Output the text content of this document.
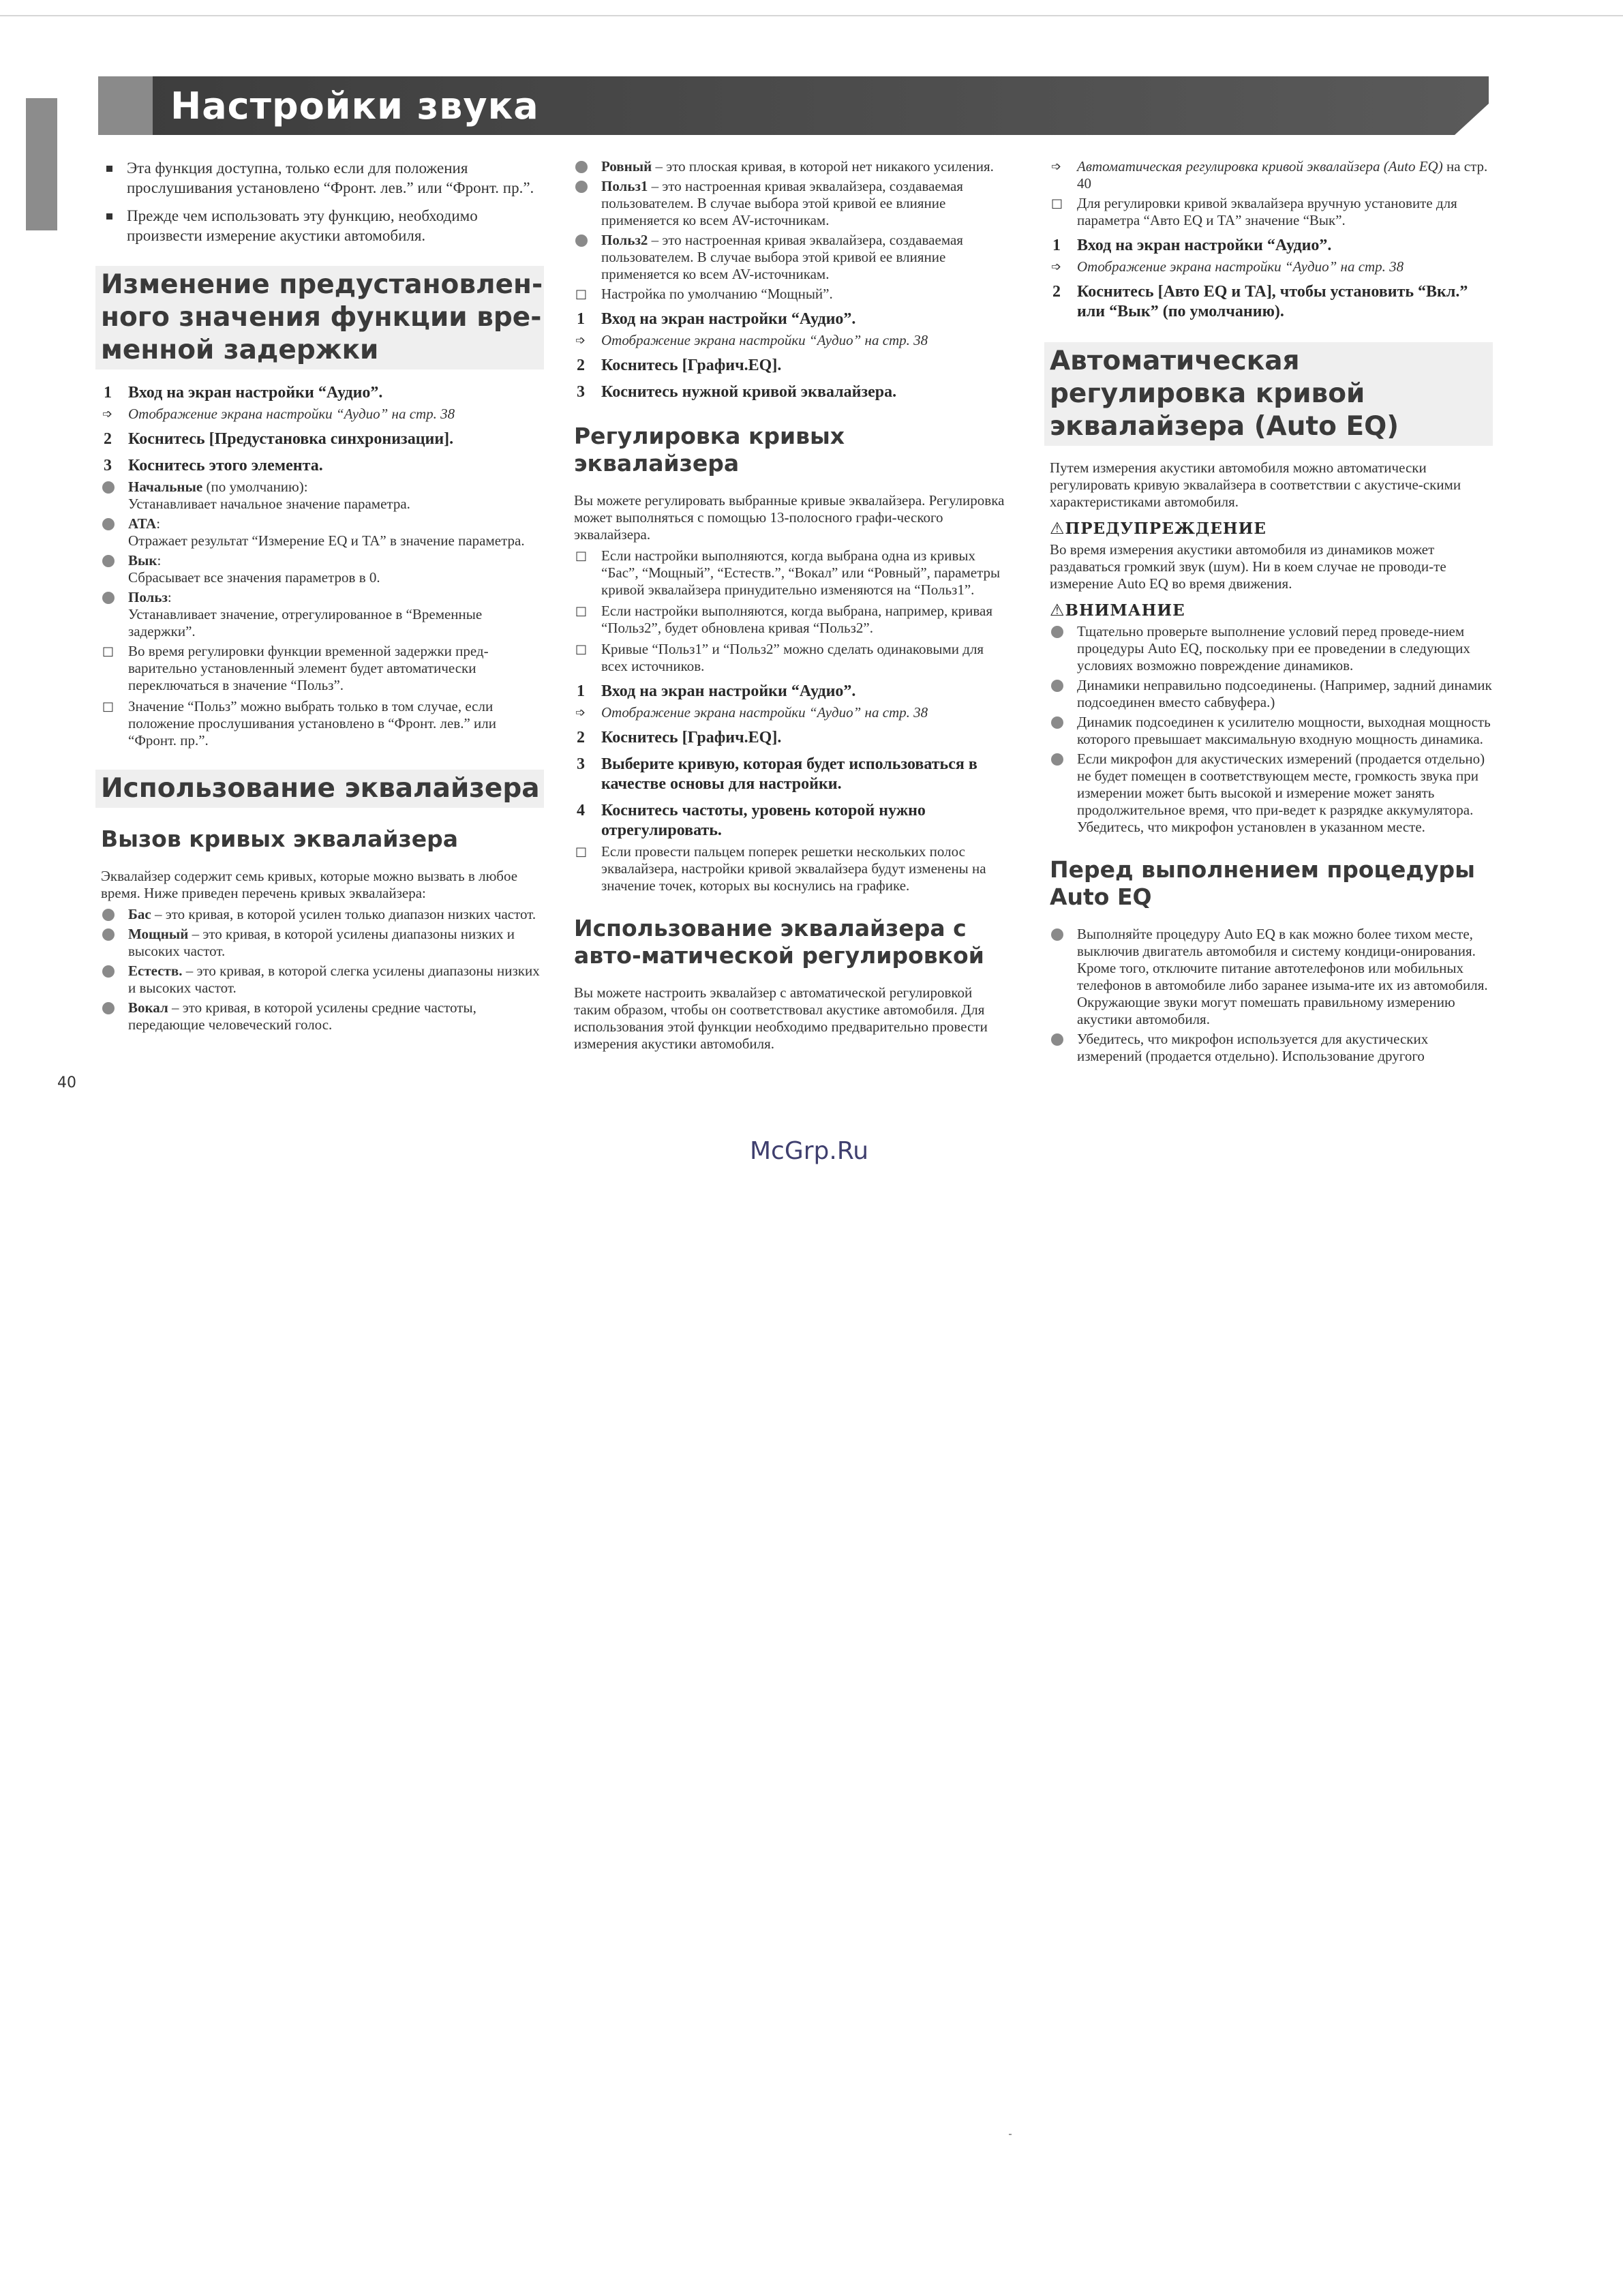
Настройки звука
Эта функция доступна, только если для положения прослушивания установлено “Фронт. лев.” или “Фронт. пр.”.
Прежде чем использовать эту функцию, необходимо произвести измерение акустики автомобиля.
Изменение предустановлен-ного значения функции вре-менной задержки
1 Вход на экран настройки “Аудио”.
➩ Отображение экрана настройки “Аудио” на стр. 38
2 Коснитесь [Предустановка синхронизации].
3 Коснитесь этого элемента.
Начальные (по умолчанию):
Устанавливает начальное значение параметра.
ATA:
Отражает результат “Измерение EQ и TA” в значение параметра.
Вык:
Сбрасывает все значения параметров в 0.
Польз:
Устанавливает значение, отрегулированное в “Временные задержки”.
□ Во время регулировки функции временной задержки пред-варительно установленный элемент будет автоматически переключаться в значение “Польз”.
□ Значение “Польз” можно выбрать только в том случае, если положение прослушивания установлено в “Фронт. лев.” или “Фронт. пр.”.
Использование эквалайзера
Вызов кривых эквалайзера
Эквалайзер содержит семь кривых, которые можно вызвать в любое время. Ниже приведен перечень кривых эквалайзера:
Бас – это кривая, в которой усилен только диапазон низких частот.
Мощный – это кривая, в которой усилены диапазоны низких и высоких частот.
Естеств. – это кривая, в которой слегка усилены диапазоны низких и высоких частот.
Вокал – это кривая, в которой усилены средние частоты, передающие человеческий голос.
Ровный – это плоская кривая, в которой нет никакого усиления.
Польз1 – это настроенная кривая эквалайзера, создаваемая пользователем. В случае выбора этой кривой ее влияние применяется ко всем AV-источникам.
Польз2 – это настроенная кривая эквалайзера, создаваемая пользователем. В случае выбора этой кривой ее влияние применяется ко всем AV-источникам.
□ Настройка по умолчанию “Мощный”.
1 Вход на экран настройки “Аудио”.
➩ Отображение экрана настройки “Аудио” на стр. 38
2 Коснитесь [Графич.EQ].
3 Коснитесь нужной кривой эквалайзера.
Регулировка кривых эквалайзера
Вы можете регулировать выбранные кривые эквалайзера. Регулировка может выполняться с помощью 13-полосного графи-ческого эквалайзера.
□ Если настройки выполняются, когда выбрана одна из кривых “Бас”, “Мощный”, “Естеств.”, “Вокал” или “Ровный”, параметры кривой эквалайзера принудительно изменяются на “Польз1”.
□ Если настройки выполняются, когда выбрана, например, кривая “Польз2”, будет обновлена кривая “Польз2”.
□ Кривые “Польз1” и “Польз2” можно сделать одинаковыми для всех источников.
1 Вход на экран настройки “Аудио”.
➩ Отображение экрана настройки “Аудио” на стр. 38
2 Коснитесь [Графич.EQ].
3 Выберите кривую, которая будет использоваться в качестве основы для настройки.
4 Коснитесь частоты, уровень которой нужно отрегулировать.
□ Если провести пальцем поперек решетки нескольких полос эквалайзера, настройки кривой эквалайзера будут изменены на значение точек, которых вы коснулись на графике.
Использование эквалайзера с авто-матической регулировкой
Вы можете настроить эквалайзер с автоматической регулировкой таким образом, чтобы он соответствовал акустике автомобиля. Для использования этой функции необходимо предварительно провести измерения акустики автомобиля.
➩ Автоматическая регулировка кривой эквалайзера (Auto EQ) на стр. 40
□ Для регулировки кривой эквалайзера вручную установите для параметра “Авто EQ и TA” значение “Вык”.
1 Вход на экран настройки “Аудио”.
➩ Отображение экрана настройки “Аудио” на стр. 38
2 Коснитесь [Авто EQ и TA], чтобы установить “Вкл.” или “Вык” (по умолчанию).
Автоматическая регулировка кривой эквалайзера (Auto EQ)
Путем измерения акустики автомобиля можно автоматически регулировать кривую эквалайзера в соответствии с акустиче-скими характеристиками автомобиля.
⚠ПРЕДУПРЕЖДЕНИЕ
Во время измерения акустики автомобиля из динамиков может раздаваться громкий звук (шум). Ни в коем случае не проводи-те измерение Auto EQ во время движения.
⚠ВНИМАНИЕ
Тщательно проверьте выполнение условий перед проведе-нием процедуры Auto EQ, поскольку при ее проведении в следующих условиях возможно повреждение динамиков.
Динамики неправильно подсоединены. (Например, задний динамик подсоединен вместо сабвуфера.)
Динамик подсоединен к усилителю мощности, выходная мощность которого превышает максимальную входную мощность динамика.
Если микрофон для акустических измерений (продается отдельно) не будет помещен в соответствующем месте, громкость звука при измерении может быть высокой и измерение может занять продолжительное время, что при-ведет к разрядке аккумулятора. Убедитесь, что микрофон установлен в указанном месте.
Перед выполнением процедуры Auto EQ
Выполняйте процедуру Auto EQ в как можно более тихом месте, выключив двигатель автомобиля и систему кондици-онирования. Кроме того, отключите питание автотелефонов или мобильных телефонов в автомобиле либо заранее изыма-ите их из автомобиля. Окружающие звуки могут помешать правильному измерению акустики автомобиля.
Убедитесь, что микрофон используется для акустических измерений (продается отдельно). Использование другого
40
McGrp.Ru
